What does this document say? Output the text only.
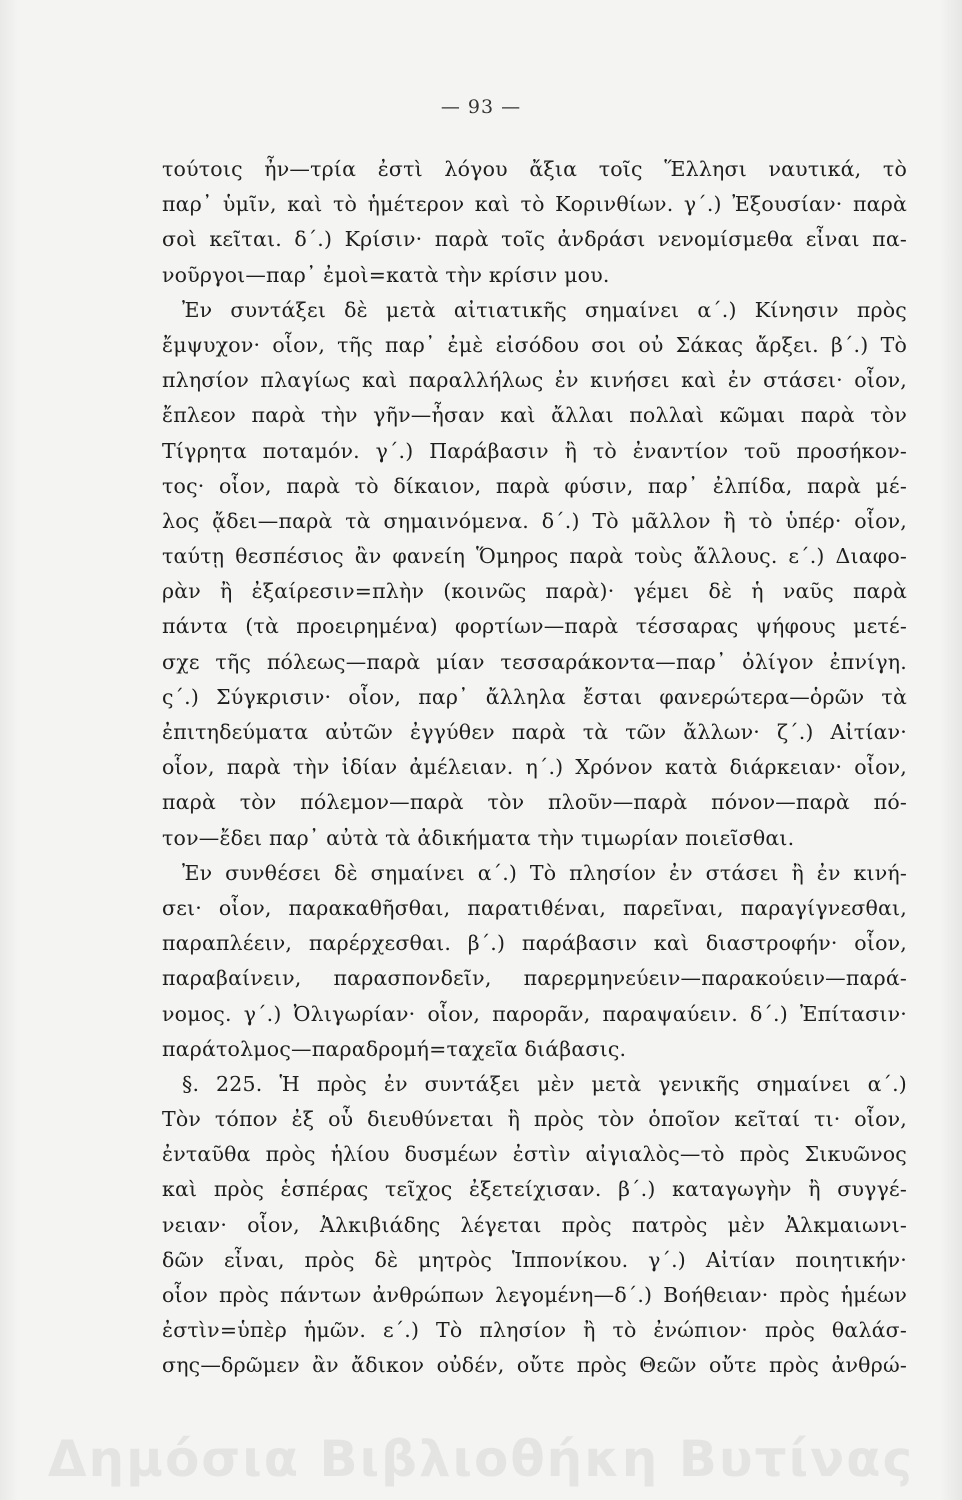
— 93 —
τούτοις ἦν—τρία ἐστὶ λόγου ἄξια τοῖς Ἕλλησι ναυτικά, τὸ
παρ᾽ ὑμῖν, καὶ τὸ ἡμέτερον καὶ τὸ Κορινθίων. γ΄.) Ἐξουσίαν· παρὰ
σοὶ κεῖται. δ΄.) Κρίσιν· παρὰ τοῖς ἀνδράσι νενομίσμεθα εἶναι πα-
νοῦργοι—παρ᾽ ἐμοὶ=κατὰ τὴν κρίσιν μου.
Ἐν συντάξει δὲ μετὰ αἰτιατικῆς σημαίνει α΄.) Κίνησιν πρὸς
ἔμψυχον· οἷον, τῆς παρ᾽ ἐμὲ εἰσόδου σοι οὐ Σάκας ἄρξει. β΄.) Τὸ
πλησίον πλαγίως καὶ παραλλήλως ἐν κινήσει καὶ ἐν στάσει· οἷον,
ἔπλεον παρὰ τὴν γῆν—ἦσαν καὶ ἄλλαι πολλαὶ κῶμαι παρὰ τὸν
Τίγρητα ποταμόν. γ΄.) Παράβασιν ἢ τὸ ἐναντίον τοῦ προσήκον-
τος· οἷον, παρὰ τὸ δίκαιον, παρὰ φύσιν, παρ᾽ ἐλπίδα, παρὰ μέ-
λος ᾄδει—παρὰ τὰ σημαινόμενα. δ΄.) Τὸ μᾶλλον ἢ τὸ ὑπέρ· οἷον,
ταύτῃ θεσπέσιος ἂν φανείη Ὅμηρος παρὰ τοὺς ἄλλους. ε΄.) Διαφο-
ρὰν ἢ ἐξαίρεσιν=πλὴν (κοινῶς παρὰ)· γέμει δὲ ἡ ναῦς παρὰ
πάντα (τὰ προειρημένα) φορτίων—παρὰ τέσσαρας ψήφους μετέ-
σχε τῆς πόλεως—παρὰ μίαν τεσσαράκοντα—παρ᾽ ὀλίγον ἐπνίγη.
ς΄.) Σύγκρισιν· οἷον, παρ᾽ ἄλληλα ἔσται φανερώτερα—ὁρῶν τὰ
ἐπιτηδεύματα αὐτῶν ἐγγύθεν παρὰ τὰ τῶν ἄλλων· ζ΄.) Αἰτίαν·
οἷον, παρὰ τὴν ἰδίαν ἀμέλειαν. η΄.) Χρόνον κατὰ διάρκειαν· οἷον,
παρὰ τὸν πόλεμον—παρὰ τὸν πλοῦν—παρὰ πόνον—παρὰ πό-
τον—ἔδει παρ᾽ αὐτὰ τὰ ἀδικήματα τὴν τιμωρίαν ποιεῖσθαι.
Ἐν συνθέσει δὲ σημαίνει α΄.) Τὸ πλησίον ἐν στάσει ἢ ἐν κινή-
σει· οἷον, παρακαθῆσθαι, παρατιθέναι, παρεῖναι, παραγίγνεσθαι,
παραπλέειν, παρέρχεσθαι. β΄.) παράβασιν καὶ διαστροφήν· οἷον,
παραβαίνειν, παρασπονδεῖν, παρερμηνεύειν—παρακούειν—παρά-
νομος. γ΄.) Ὀλιγωρίαν· οἷον, παρορᾶν, παραψαύειν. δ΄.) Ἐπίτασιν·
παράτολμος—παραδρομή=ταχεῖα διάβασις.
§. 225. Ἡ πρὸς ἐν συντάξει μὲν μετὰ γενικῆς σημαίνει α΄.)
Τὸν τόπον ἐξ οὗ διευθύνεται ἢ πρὸς τὸν ὁποῖον κεῖταί τι· οἷον,
ἐνταῦθα πρὸς ἡλίου δυσμέων ἐστὶν αἰγιαλὸς—τὸ πρὸς Σικυῶνος
καὶ πρὸς ἑσπέρας τεῖχος ἐξετείχισαν. β΄.) καταγωγὴν ἢ συγγέ-
νειαν· οἷον, Ἀλκιβιάδης λέγεται πρὸς πατρὸς μὲν Ἀλκμαιωνι-
δῶν εἶναι, πρὸς δὲ μητρὸς Ἱππονίκου. γ΄.) Αἰτίαν ποιητικήν·
οἷον πρὸς πάντων ἀνθρώπων λεγομένη—δ΄.) Βοήθειαν· πρὸς ἡμέων
ἐστὶν=ὑπὲρ ἡμῶν. ε΄.) Τὸ πλησίον ἢ τὸ ἐνώπιον· πρὸς θαλάσ-
σης—δρῶμεν ἂν ἄδικον οὐδέν, οὔτε πρὸς Θεῶν οὔτε πρὸς ἀνθρώ-
Δημόσια Βιβλιοθήκη Βυτίνας
